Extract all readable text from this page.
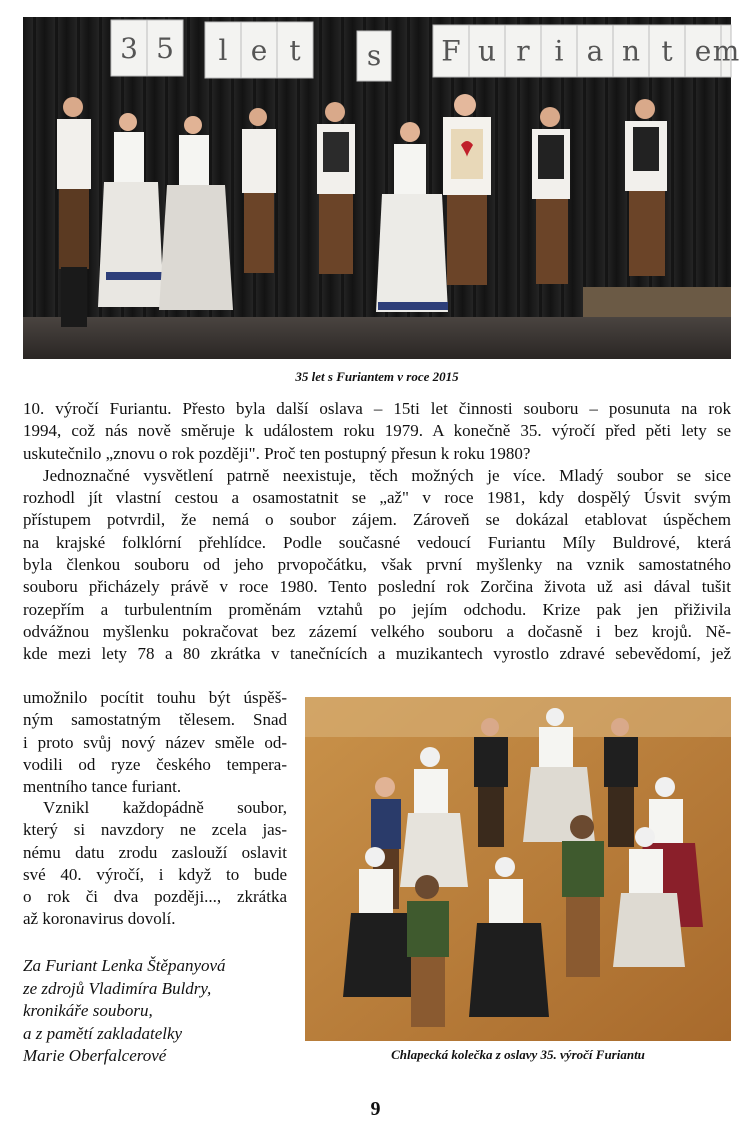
3 5 l e t s F u r i a n t e m
35 let s Furiantem v roce 2015
10. výročí Furiantu. Přesto byla další oslava – 15ti let činnosti souboru – posunuta na rok
1994, což nás nově směruje k událostem roku 1979. A konečně 35. výročí před pěti lety se
uskutečnilo „znovu o rok později". Proč ten postupný přesun k roku 1980?
Jednoznačné vysvětlení patrně neexistuje, těch možných je více. Mladý soubor se sice
rozhodl jít vlastní cestou a osamostatnit se „až" v roce 1981, kdy dospělý Úsvit svým
přístupem potvrdil, že nemá o soubor zájem. Zároveň se dokázal etablovat úspěchem
na krajské folklórní přehlídce. Podle současné vedoucí Furiantu Míly Buldrové, která
byla členkou souboru od jeho prvopočátku, však první myšlenky na vznik samostatného
souboru přicházely právě v roce 1980. Tento poslední rok Zorčina života už asi dával tušit
rozepřím a turbulentním proměnám vztahů po jejím odchodu. Krize pak jen přiživila
odvážnou myšlenku pokračovat bez zázemí velkého souboru a dočasně i bez krojů. Ně-
kde mezi lety 78 a 80 zkrátka v tanečnících a muzikantech vyrostlo zdravé sebevědomí, jež
umožnilo pocítit touhu být úspěš-
ným samostatným tělesem. Snad
i proto svůj nový název směle od-
vodili od ryze českého tempera-
mentního tance furiant.
Vznikl každopádně soubor,
který si navzdory ne zcela jas-
nému datu zrodu zaslouží oslavit
své 40. výročí, i když to bude
o rok či dva později..., zkrátka
až koronavirus dovolí.
Za Furiant Lenka Štěpanyová
ze zdrojů Vladimíra Buldry,
kronikáře souboru,
a z pamětí zakladatelky
Marie Oberfalcerové	Chlapecká kolečka z oslavy 35. výročí Furiantu
9
